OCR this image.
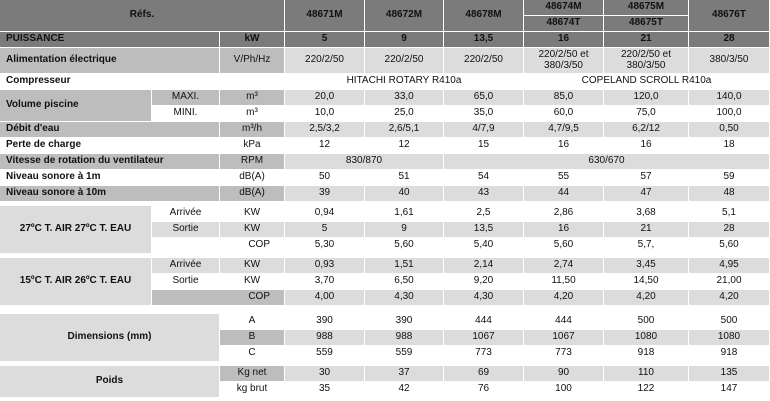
Réfs.			48671M	48672M	48678M	48674M	48675M	48676T
						48674T	48675T	
PUISSANCE		kW	5	9	13,5	16	21	28
Alimentation électrique		V/Ph/Hz	220/2/50	220/2/50	220/2/50	220/2/50 et 380/3/50	220/2/50 et 380/3/50	380/3/50
Compresseur			HITACHI ROTARY R410a			COPELAND SCROLL R410a		
Volume piscine	MAXI.	m³	20,0	33,0	65,0	85,0	120,0	140,0
	MINI.	m³	10,0	25,0	35,0	60,0	75,0	100,0
Débit d'eau		m³/h	2,5/3,2	2,6/5,1	4/7,9	4,7/9,5	6,2/12	0,50
Perte de charge		kPa	12	12	15	16	16	18
Vitesse de rotation du ventilateur		RPM	830/870		630/670			
Niveau sonore à 1m		dB(A)	50	51	54	55	57	59
Niveau sonore à 10m		dB(A)	39	40	43	44	47	48

27ºC T. AIR 27ºC T. EAU	Arrivée	KW	0,94	1,61	2,5	2,86	3,68	5,1
	Sortie	KW	5	9	13,5	16	21	28
	COP		5,30	5,60	5,40	5,60	5,7,	5,60

15ºC T. AIR 26ºC T. EAU	Arrivée	KW	0,93	1,51	2,14	2,74	3,45	4,95
	Sortie	KW	3,70	6,50	9,20	11,50	14,50	21,00
	COP		4,00	4,30	4,30	4,20	4,20	4,20

Dimensions (mm)		A	390	390	444	444	500	500
		B	988	988	1067	1067	1080	1080
		C	559	559	773	773	918	918

Poids		Kg net	30	37	69	90	110	135
		kg brut	35	42	76	100	122	147
